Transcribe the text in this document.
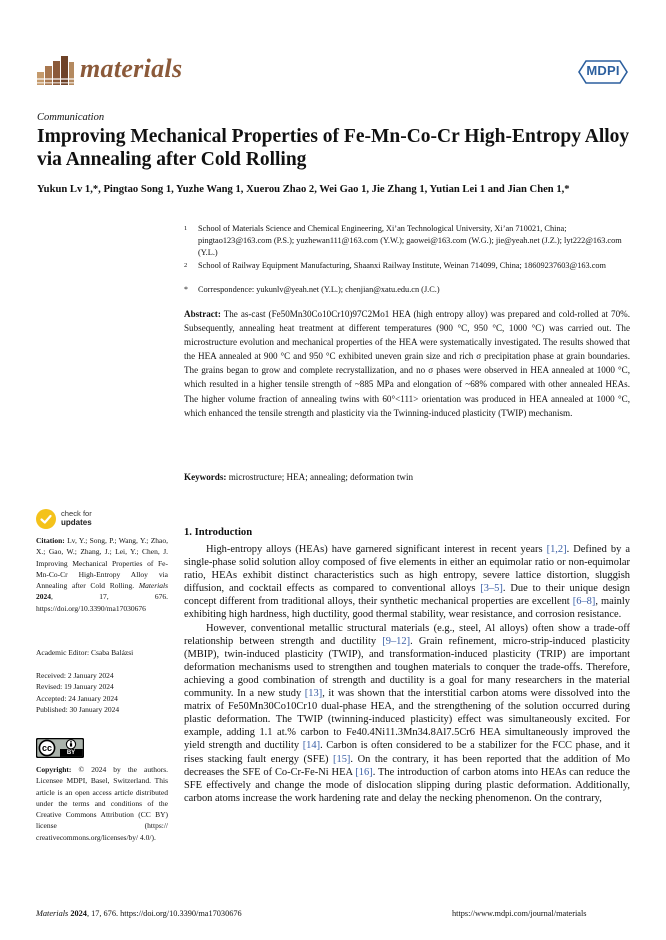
materials	MDPI
Communication
Improving Mechanical Properties of Fe-Mn-Co-Cr High-Entropy Alloy via Annealing after Cold Rolling
Yukun Lv 1,*, Pingtao Song 1, Yuzhe Wang 1, Xuerou Zhao 2, Wei Gao 1, Jie Zhang 1, Yutian Lei 1 and Jian Chen 1,*
1	School of Materials Science and Chemical Engineering, Xi’an Technological University, Xi’an 710021, China; pingtao123@163.com (P.S.); yuzhewan111@163.com (Y.W.); gaowei@163.com (W.G.); jie@yeah.net (J.Z.); lyt222@163.com (Y.L.)
2	School of Railway Equipment Manufacturing, Shaanxi Railway Institute, Weinan 714099, China; 18609237603@163.com
*	Correspondence: yukunlv@yeah.net (Y.L.); chenjian@xatu.edu.cn (J.C.)
Abstract: The as-cast (Fe50Mn30Co10Cr10)97C2Mo1 HEA (high entropy alloy) was prepared and cold-rolled at 70%. Subsequently, annealing heat treatment at different temperatures (900 °C, 950 °C, 1000 °C) was carried out. The microstructure evolution and mechanical properties of the HEA were systematically investigated. The results showed that the HEA annealed at 900 °C and 950 °C exhibited uneven grain size and rich σ precipitation phase at grain boundaries. The grains began to grow and complete recrystallization, and no σ phases were observed in HEA annealed at 1000 °C, which resulted in a higher tensile strength of ~885 MPa and elongation of ~68% compared with other annealed HEAs. The higher volume fraction of annealing twins with 60°<111> orientation was produced in HEA annealed at 1000 °C, which enhanced the tensile strength and plasticity via the Twinning-induced plasticity (TWIP) mechanism.
Keywords: microstructure; HEA; annealing; deformation twin
check for
updates
Citation: Lv, Y.; Song, P.; Wang, Y.; Zhao, X.; Gao, W.; Zhang, J.; Lei, Y.; Chen, J. Improving Mechanical Properties of Fe-Mn-Co-Cr High-Entropy Alloy via Annealing after Cold Rolling. Materials 2024, 17, 676. https://doi.org/10.3390/ma17030676
Academic Editor: Csaba Balázsi
Received: 2 January 2024
Revised: 19 January 2024
Accepted: 24 January 2024
Published: 30 January 2024
cc	BY
Copyright: © 2024 by the authors. Licensee MDPI, Basel, Switzerland. This article is an open access article distributed under the terms and conditions of the Creative Commons Attribution (CC BY) license (https:// creativecommons.org/licenses/by/ 4.0/).
1. Introduction

High-entropy alloys (HEAs) have garnered significant interest in recent years [1,2]. Defined by a single-phase solid solution alloy composed of five elements in either an equimolar ratio or non-equimolar ratio, HEAs exhibit distinct characteristics such as high entropy, severe lattice distortion, sluggish diffusion, and cocktail effects as compared to conventional alloys [3–5]. Due to their unique design concept different from traditional alloys, their synthetic mechanical properties are excellent [6–8], mainly exhibiting high hardness, high ductility, good thermal stability, wear resistance, and corrosion resistance.

However, conventional metallic structural materials (e.g., steel, Al alloys) often show a trade-off relationship between strength and ductility [9–12]. Grain refinement, micro-strip-induced plasticity (MBIP), twin-induced plasticity (TWIP), and transformation-induced plasticity (TRIP) are important deformation mechanisms used to strengthen and toughen materials to conquer the trade-offs. Therefore, achieving a good combination of strength and ductility is a goal for many researchers in the material community. In a new study [13], it was shown that the interstitial carbon atoms were dissolved into the matrix of Fe50Mn30Co10Cr10 dual-phase HEA, and the strengthening of the solution occurred during plastic deformation. The TWIP (twinning-induced plasticity) effect was simultaneously excited. For example, adding 1.1 at.% carbon to Fe40.4Ni11.3Mn34.8Al7.5Cr6 HEA simultaneously improved the yield strength and ductility [14]. Carbon is often considered to be a stabilizer for the FCC phase, and it rises stacking fault energy (SFE) [15]. On the contrary, it has been reported that the addition of Mo decreases the SFE of Co-Cr-Fe-Ni HEA [16]. The introduction of carbon atoms into HEAs can reduce the SFE effectively and change the mode of dislocation slipping during plastic deformation. Additionally, carbon atoms increase the work hardening rate and delay the necking phenomenon. On the contrary,

Materials 2024, 17, 676. https://doi.org/10.3390/ma17030676	https://www.mdpi.com/journal/materials
